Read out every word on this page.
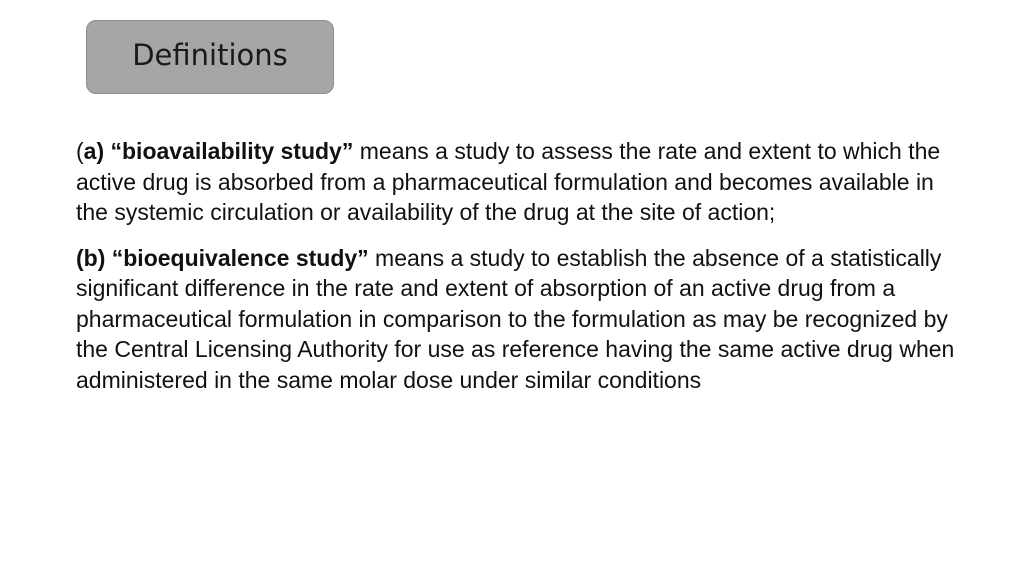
Definitions

(a) “bioavailability study” means a study to assess the rate and extent to which the active drug is absorbed from a pharmaceutical formulation and becomes available in the systemic circulation or availability of the drug at the site of action;

(b) “bioequivalence study” means a study to establish the absence of a statistically significant difference in the rate and extent of absorption of an active drug from a pharmaceutical formulation in comparison to the formulation as may be recognized by the Central Licensing Authority for use as reference having the same active drug when administered in the same molar dose under similar conditions
